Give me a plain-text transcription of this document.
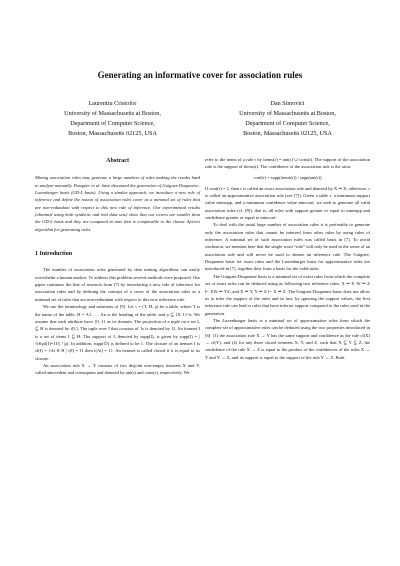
Generating an informative cover for association rules
Laurentiu Cristofor
University of Massachusetts at Boston,
Department of Computer Science,
Boston, Massachusetts 02125, USA
Dan Simovici
University of Massachusetts at Boston,
Department of Computer Science,
Boston, Massachusetts 02125, USA
Abstract

Mining association rules may generate a large numbers of rules making the results hard to analyze manually. Pasquier et al. have discussed the generation of Guigues-Duquenne–Luxenburger basis (GD-L basis). Using a similar approach, we introduce a new rule of inference and define the notion of association rules cover as a minimal set of rules that are non-redundant with respect to this new rule of inference. Our experimental results (obtained using both synthetic and real data sets) show that our covers are smaller than the GD-L basis and they are computed in time that is comparable to the classic Apriori algorithm for generating rules.

1 Introduction

The number of association rules generated by data mining algorithms can easily overwhelm a human analyst. To address this problem several methods were proposed. Our paper continues the line of research from [7] by introducing a new rule of inference for association rules and by defining the concept of a cover of the association rules as a minimal set of rules that are non-redundant with respect to this new inference rule.

We use the terminology and notations of [9]. Let τ = (T, H, ρ) be a table, where T is the name of the table, H = A1 . . . An is the heading of the table, and ρ ⊆ {0, 1}^n. We assume that each attribute have {0, 1} as its domain. The projection of a tuple on a set L ⊆ H is denoted by t[L]. The tuple over I that consists of 1s is denoted by 1I. An itemset I is a set of items I ⊆ H. The support of I, denoted by supp(I), is given by supp(I) = |{t∈ρ|t[I]=1I}| / |ρ|. In addition, supp(∅) is defined to be 1. The closure of an itemset I is cl(I) = {Ai ∈ H | t[I] = 1I then t[Ai] = 1}. An itemset is called closed if it is equal to its closure.

An association rule X → Y consists of two disjoint non-empty itemsets X and Y, called antecedent and consequent and denoted by ant(r) and cons(r), respectively. We

refer to the items of a rule r by items(r) = ant(r) ∪ cons(r). The support of the association rule is the support of items(r). The confidence of the association rule is the ratio:

conf(r) = supp(items(r)) / supp(ant(r))

If conf(r) = 1, then r is called an exact association rule and denoted by X ⇒ Y; otherwise, r is called an approximative association rule (see [7]). Given a table τ, a minimum support value minsupp, and a minimum confidence value minconf, we seek to generate all valid association rules (cf. [8]), that is, all rules with support greater or equal to minsupp and confidence greater or equal to minconf.

To deal with the usual large number of association rules it is preferable to generate only the association rules that cannot be inferred from other rules by using rules of inference. A minimal set of such association rules was called basis in [7]. To avoid confusion, we mention here that the single word “rule” will only be used in the sense of an association rule and will never be used to denote an inference rule. The Guigues-Duquenne basis for exact rules and the Luxenburger basis for approximative rules are introduced in [7], together they form a basis for the valid rules.

The Guigues-Duquenne basis is a minimal set of exact rules from which the complete set of exact rules can be deduced using as following two inference rules: X ⇒ Y, W ⇒ Z ⊢ XW ⇒ YZ, and X ⇒ Y, Y ⇒ Z ⊢ X ⇒ Z. The Guigues-Duquenne basis does not allow us to infer the support of the rules and in fact, by ignoring the support values, the first inference rule can lead to rules that have inferior support compared to the rules used in the generation.

The Luxenburger basis is a minimal set of approximative rules from which the complete set of approximative rules can be deduced using the two properties introduced in [6]: (1) the association rule X → Y has the same support and confidence as the rule cl(X) → cl(Y), and (2) for any three closed itemsets X, Y, and Z, such that X ⊆ Y ⊆ Z, the confidence of the rule X → Z is equal to the product of the confidences of the rules X → Y and Y → Z, and its support is equal to the support of the rule Y → Z. Both
